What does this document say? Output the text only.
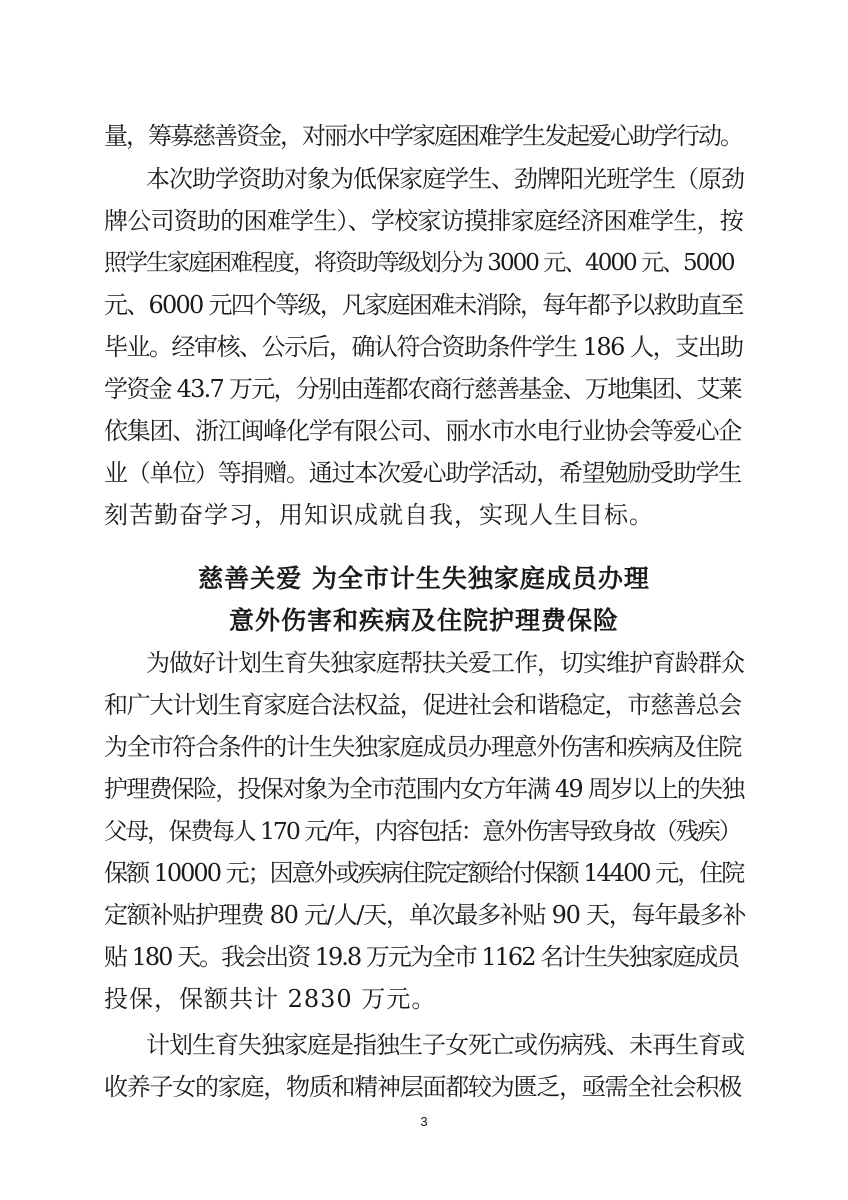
量，筹募慈善资金，对丽水中学家庭困难学生发起爱心助学行动。
本次助学资助对象为低保家庭学生、劲牌阳光班学生（原劲
牌公司资助的困难学生）、学校家访摸排家庭经济困难学生，按
照学生家庭困难程度，将资助等级划分为 3000 元、4000 元、5000
元、6000 元四个等级，凡家庭困难未消除，每年都予以救助直至
毕业。经审核、公示后，确认符合资助条件学生 186 人，支出助
学资金 43.7 万元，分别由莲都农商行慈善基金、万地集团、艾莱
依集团、浙江闽峰化学有限公司、丽水市水电行业协会等爱心企
业（单位）等捐赠。通过本次爱心助学活动，希望勉励受助学生
刻苦勤奋学习，用知识成就自我，实现人生目标。
慈善关爱 为全市计生失独家庭成员办理
意外伤害和疾病及住院护理费保险
为做好计划生育失独家庭帮扶关爱工作，切实维护育龄群众
和广大计划生育家庭合法权益，促进社会和谐稳定，市慈善总会
为全市符合条件的计生失独家庭成员办理意外伤害和疾病及住院
护理费保险，投保对象为全市范围内女方年满 49 周岁以上的失独
父母，保费每人 170 元/年，内容包括：意外伤害导致身故（残疾）
保额 10000 元；因意外或疾病住院定额给付保额 14400 元，住院
定额补贴护理费 80 元/人/天，单次最多补贴 90 天，每年最多补
贴 180 天。我会出资 19.8 万元为全市 1162 名计生失独家庭成员
投保，保额共计 2830 万元。
计划生育失独家庭是指独生子女死亡或伤病残、未再生育或
收养子女的家庭，物质和精神层面都较为匮乏，亟需全社会积极
3
